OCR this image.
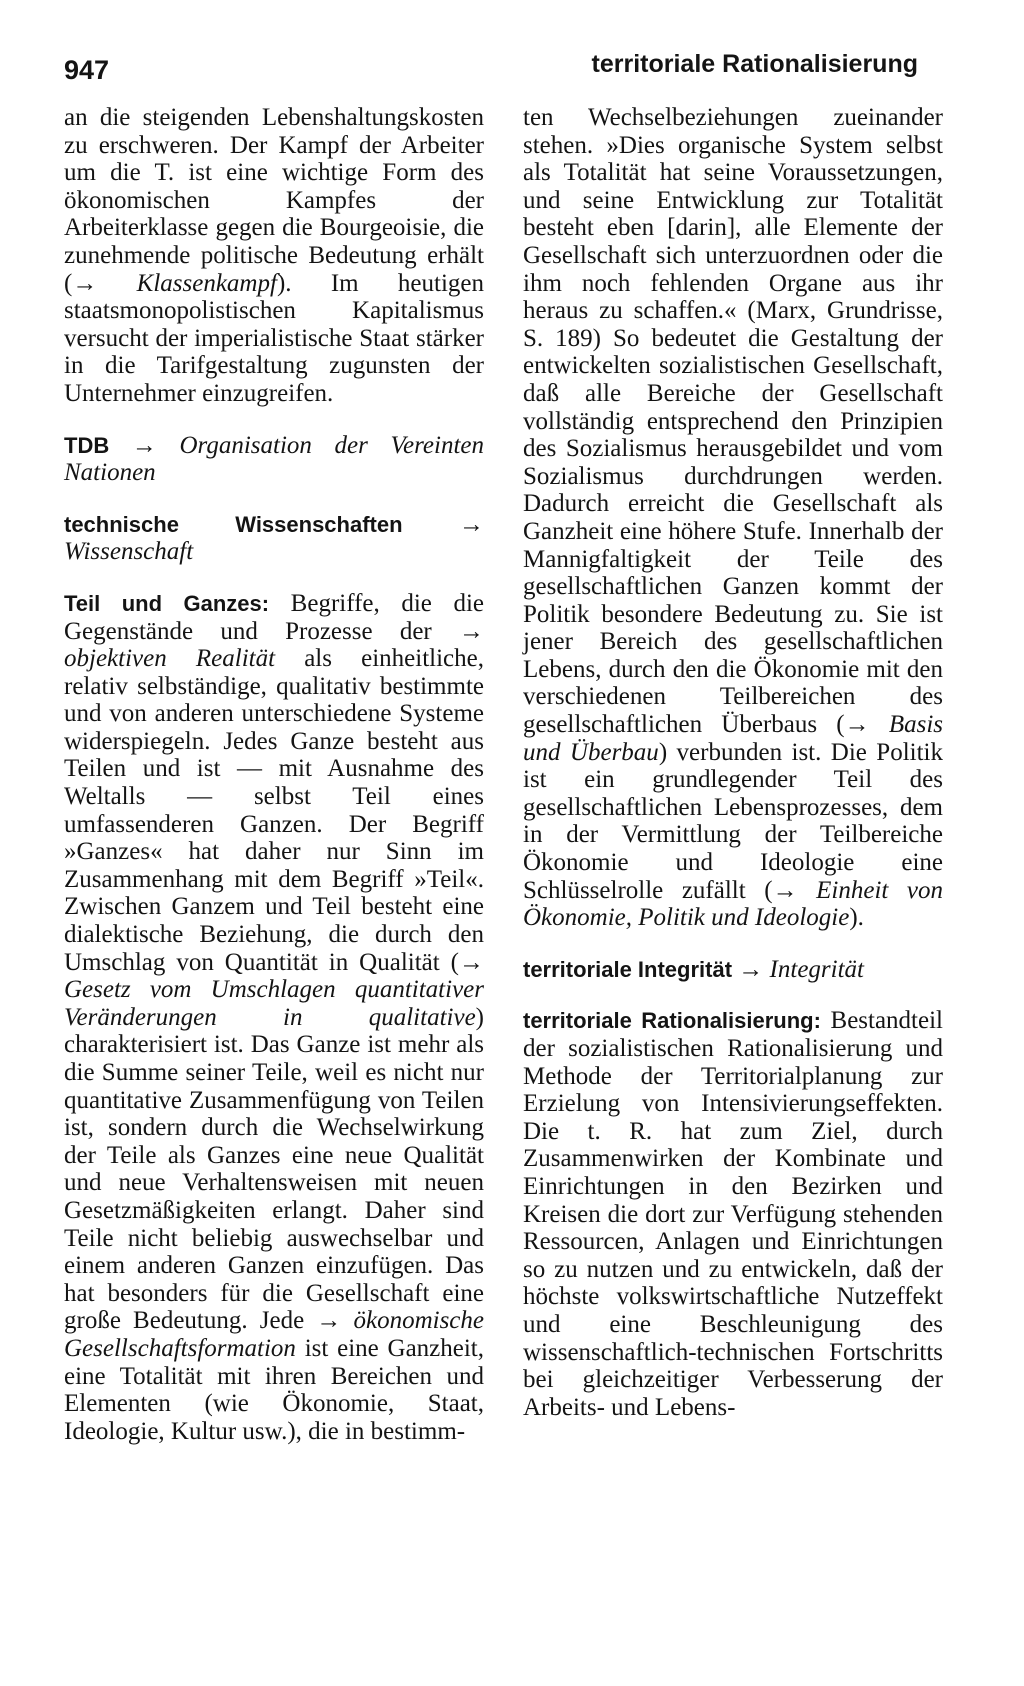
947	territoriale Rationalisierung

an die steigenden Lebenshaltungskosten zu erschweren. Der Kampf der Arbeiter um die T. ist eine wichtige Form des ökonomischen Kampfes der Arbeiterklasse gegen die Bourgeoisie, die zunehmende politische Bedeutung erhält (→ Klassenkampf). Im heutigen staatsmonopolistischen Kapitalismus versucht der imperialistische Staat stärker in die Tarifgestaltung zugunsten der Unternehmer einzugreifen.

TDB → Organisation der Vereinten Nationen

technische Wissenschaften → Wissenschaft

Teil und Ganzes: Begriffe, die die Gegenstände und Prozesse der → objektiven Realität als einheitliche, relativ selbständige, qualitativ bestimmte und von anderen unterschiedene Systeme widerspiegeln. Jedes Ganze besteht aus Teilen und ist — mit Ausnahme des Weltalls — selbst Teil eines umfassenderen Ganzen. Der Begriff »Ganzes« hat daher nur Sinn im Zusammenhang mit dem Begriff »Teil«. Zwischen Ganzem und Teil besteht eine dialektische Beziehung, die durch den Umschlag von Quantität in Qualität (→ Gesetz vom Umschlagen quantitativer Veränderungen in qualitative) charakterisiert ist. Das Ganze ist mehr als die Summe seiner Teile, weil es nicht nur quantitative Zusammenfügung von Teilen ist, sondern durch die Wechselwirkung der Teile als Ganzes eine neue Qualität und neue Verhaltensweisen mit neuen Gesetzmäßigkeiten erlangt. Daher sind Teile nicht beliebig auswechselbar und einem anderen Ganzen einzufügen. Das hat besonders für die Gesellschaft eine große Bedeutung. Jede → ökonomische Gesellschaftsformation ist eine Ganzheit, eine Totalität mit ihren Bereichen und Elementen (wie Ökonomie, Staat, Ideologie, Kultur usw.), die in bestimm-

ten Wechselbeziehungen zueinander stehen. »Dies organische System selbst als Totalität hat seine Voraussetzungen, und seine Entwicklung zur Totalität besteht eben [darin], alle Elemente der Gesellschaft sich unterzuordnen oder die ihm noch fehlenden Organe aus ihr heraus zu schaffen.« (Marx, Grundrisse, S. 189) So bedeutet die Gestaltung der entwickelten sozialistischen Gesellschaft, daß alle Bereiche der Gesellschaft vollständig entsprechend den Prinzipien des Sozialismus herausgebildet und vom Sozialismus durchdrungen werden. Dadurch erreicht die Gesellschaft als Ganzheit eine höhere Stufe. Innerhalb der Mannigfaltigkeit der Teile des gesellschaftlichen Ganzen kommt der Politik besondere Bedeutung zu. Sie ist jener Bereich des gesellschaftlichen Lebens, durch den die Ökonomie mit den verschiedenen Teilbereichen des gesellschaftlichen Überbaus (→ Basis und Überbau) verbunden ist. Die Politik ist ein grundlegender Teil des gesellschaftlichen Lebensprozesses, dem in der Vermittlung der Teilbereiche Ökonomie und Ideologie eine Schlüsselrolle zufällt (→ Einheit von Ökonomie, Politik und Ideologie).

territoriale Integrität → Integrität

territoriale Rationalisierung: Bestandteil der sozialistischen Rationalisierung und Methode der Territorialplanung zur Erzielung von Intensivierungseffekten. Die t. R. hat zum Ziel, durch Zusammenwirken der Kombinate und Einrichtungen in den Bezirken und Kreisen die dort zur Verfügung stehenden Ressourcen, Anlagen und Einrichtungen so zu nutzen und zu entwickeln, daß der höchste volkswirtschaftliche Nutzeffekt und eine Beschleunigung des wissenschaftlich-technischen Fortschritts bei gleichzeitiger Verbesserung der Arbeits- und Lebens-
